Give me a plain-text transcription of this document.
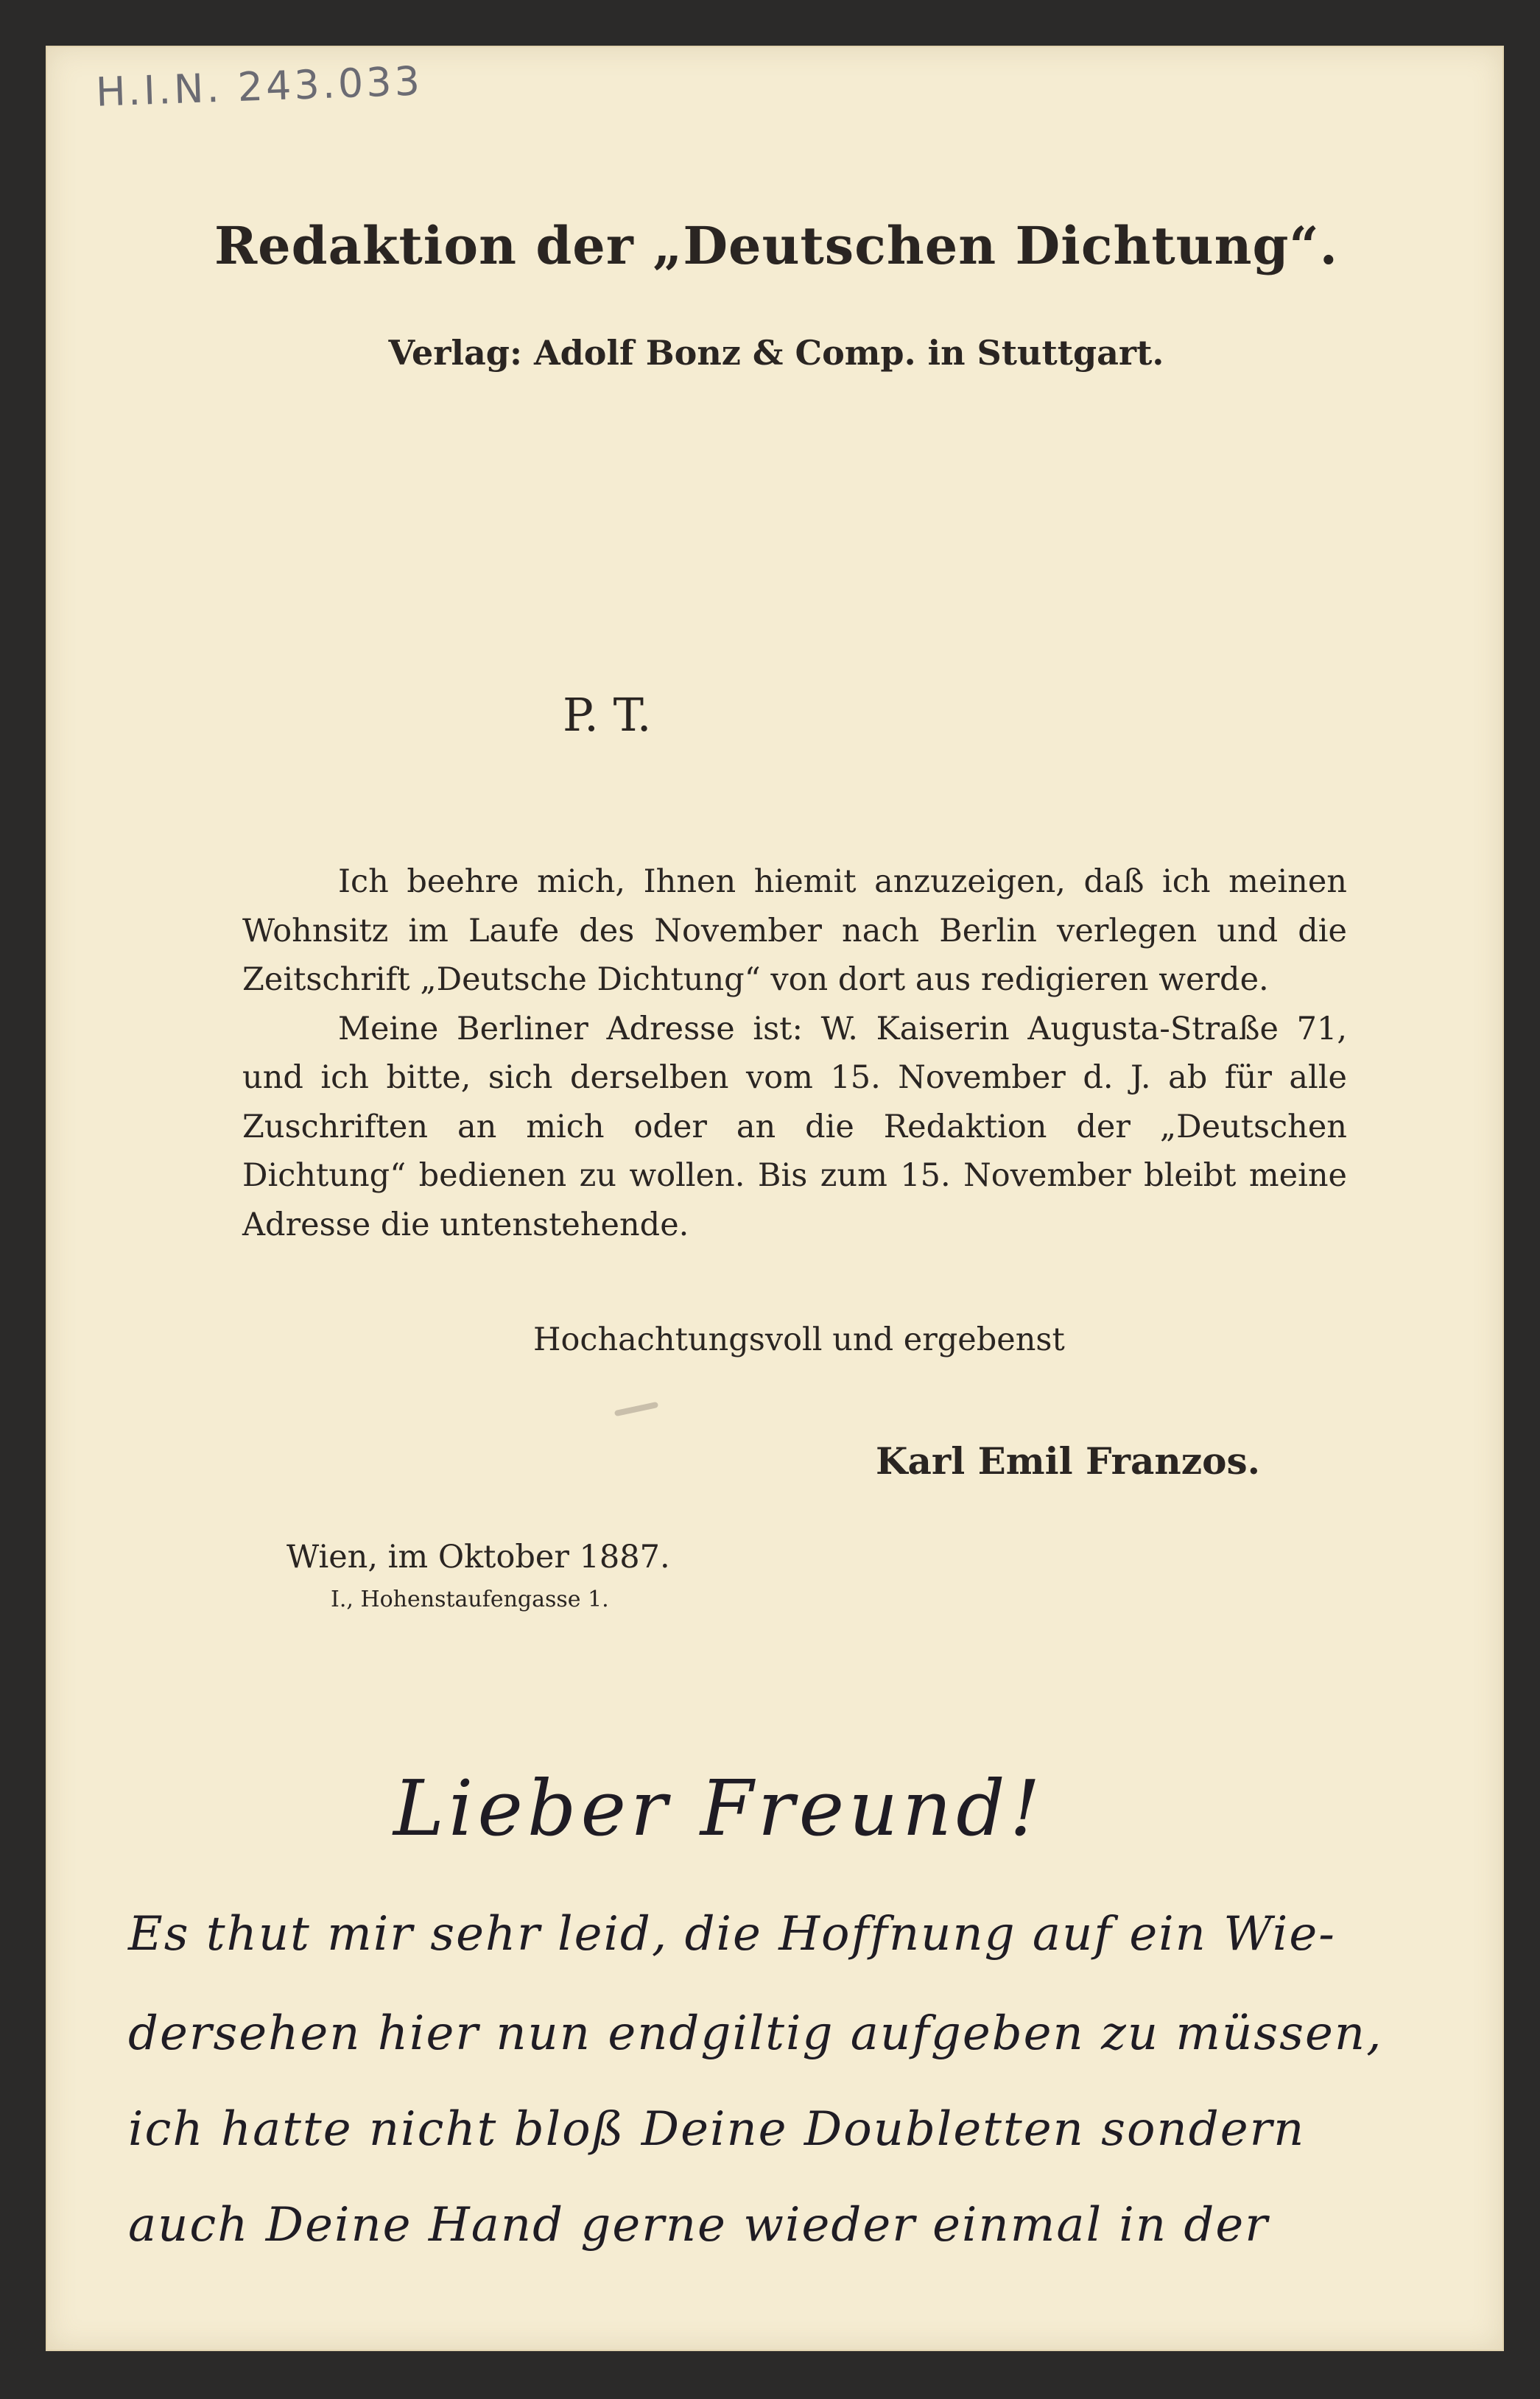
H.I.N. 243.033
Redaktion der „Deutschen Dichtung“.
Verlag: Adolf Bonz & Comp. in Stuttgart.
P. T.

Ich beehre mich, Ihnen hiemit anzuzeigen, daß ich meinen Wohnsitz im Laufe des November nach Berlin verlegen und die Zeitschrift „Deutsche Dichtung“ von dort aus redigieren werde.

Meine Berliner Adresse ist: W. Kaiserin Augusta-Straße 71, und ich bitte, sich derselben vom 15. November d. J. ab für alle Zuschriften an mich oder an die Redaktion der „Deutschen Dichtung“ bedienen zu wollen. Bis zum 15. November bleibt meine Adresse die untenstehende.

Hochachtungsvoll und ergebenst
Karl Emil Franzos.
Wien, im Oktober 1887.
I., Hohenstaufengasse 1.
Lieber Freund!
Es thut mir sehr leid, die Hoffnung auf ein Wie-
dersehen hier nun endgiltig aufgeben zu müssen,
ich hatte nicht bloß Deine Doubletten sondern
auch Deine Hand gerne wieder einmal in der
